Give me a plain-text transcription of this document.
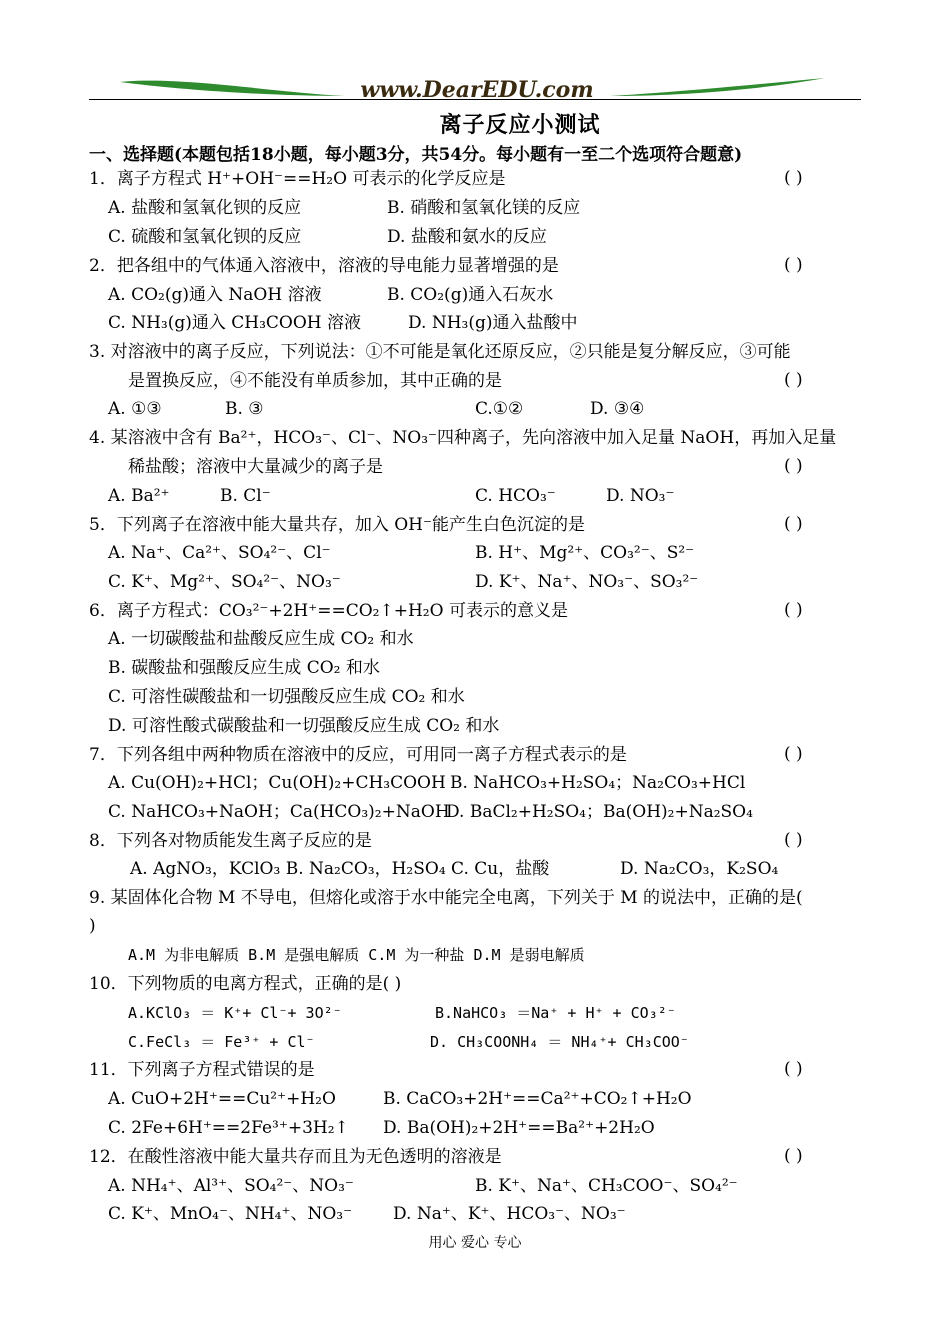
www.DearEDU.com
离子反应小测试
一、选择题(本题包括18小题，每小题3分，共54分。每小题有一至二个选项符合题意)
1．离子方程式 H⁺+OH⁻==H₂O 可表示的化学反应是	( )
A. 盐酸和氢氧化钡的反应	B. 硝酸和氢氧化镁的反应
C. 硫酸和氢氧化钡的反应	D. 盐酸和氨水的反应
2．把各组中的气体通入溶液中，溶液的导电能力显著增强的是	( )
A. CO₂(g)通入 NaOH 溶液	B. CO₂(g)通入石灰水
C. NH₃(g)通入 CH₃COOH 溶液	D. NH₃(g)通入盐酸中
3. 对溶液中的离子反应，下列说法：①不可能是氧化还原反应，②只能是复分解反应，③可能
是置换反应，④不能没有单质参加，其中正确的是	( )
A. ①③	B. ③	C.①②	D. ③④
4. 某溶液中含有 Ba²⁺，HCO₃⁻、Cl⁻、NO₃⁻四种离子，先向溶液中加入足量 NaOH，再加入足量
稀盐酸；溶液中大量减少的离子是	( )
A. Ba²⁺	B. Cl⁻	C. HCO₃⁻	D. NO₃⁻
5．下列离子在溶液中能大量共存，加入 OH⁻能产生白色沉淀的是	( )
A. Na⁺、Ca²⁺、SO₄²⁻、Cl⁻	B. H⁺、Mg²⁺、CO₃²⁻、S²⁻
C. K⁺、Mg²⁺、SO₄²⁻、NO₃⁻	D. K⁺、Na⁺、NO₃⁻、SO₃²⁻
6．离子方程式：CO₃²⁻+2H⁺==CO₂↑+H₂O 可表示的意义是	( )
A. 一切碳酸盐和盐酸反应生成 CO₂ 和水
B. 碳酸盐和强酸反应生成 CO₂ 和水
C. 可溶性碳酸盐和一切强酸反应生成 CO₂ 和水
D. 可溶性酸式碳酸盐和一切强酸反应生成 CO₂ 和水
7．下列各组中两种物质在溶液中的反应，可用同一离子方程式表示的是	( )
A. Cu(OH)₂+HCl；Cu(OH)₂+CH₃COOH B. NaHCO₃+H₂SO₄；Na₂CO₃+HCl
C. NaHCO₃+NaOH；Ca(HCO₃)₂+NaOH
D. BaCl₂+H₂SO₄；Ba(OH)₂+Na₂SO₄
8．下列各对物质能发生离子反应的是	( )
A. AgNO₃，KClO₃ B. Na₂CO₃，H₂SO₄ C. Cu，盐酸	D. Na₂CO₃，K₂SO₄
9. 某固体化合物 M 不导电，但熔化或溶于水中能完全电离，下列关于 M 的说法中，正确的是(
)
A.M 为非电解质 B.M 是强电解质 C.M 为一种盐 D.M 是弱电解质
10．下列物质的电离方程式，正确的是( )
A.KClO₃ ＝ K⁺+ Cl⁻+ 3O²⁻	B.NaHCO₃ ＝Na⁺ + H⁺ + CO₃²⁻
C.FeCl₃ ＝ Fe³⁺ + Cl⁻	D. CH₃COONH₄ ＝ NH₄⁺+ CH₃COO⁻
11．下列离子方程式错误的是	( )
A. CuO+2H⁺==Cu²⁺+H₂O	B. CaCO₃+2H⁺==Ca²⁺+CO₂↑+H₂O
C. 2Fe+6H⁺==2Fe³⁺+3H₂↑ D. Ba(OH)₂+2H⁺==Ba²⁺+2H₂O
12．在酸性溶液中能大量共存而且为无色透明的溶液是	( )
A. NH₄⁺、Al³⁺、SO₄²⁻、NO₃⁻	B. K⁺、Na⁺、CH₃COO⁻、SO₄²⁻
C. K⁺、MnO₄⁻、NH₄⁺、NO₃⁻ D. Na⁺、K⁺、HCO₃⁻、NO₃⁻
用心 爱心 专心
